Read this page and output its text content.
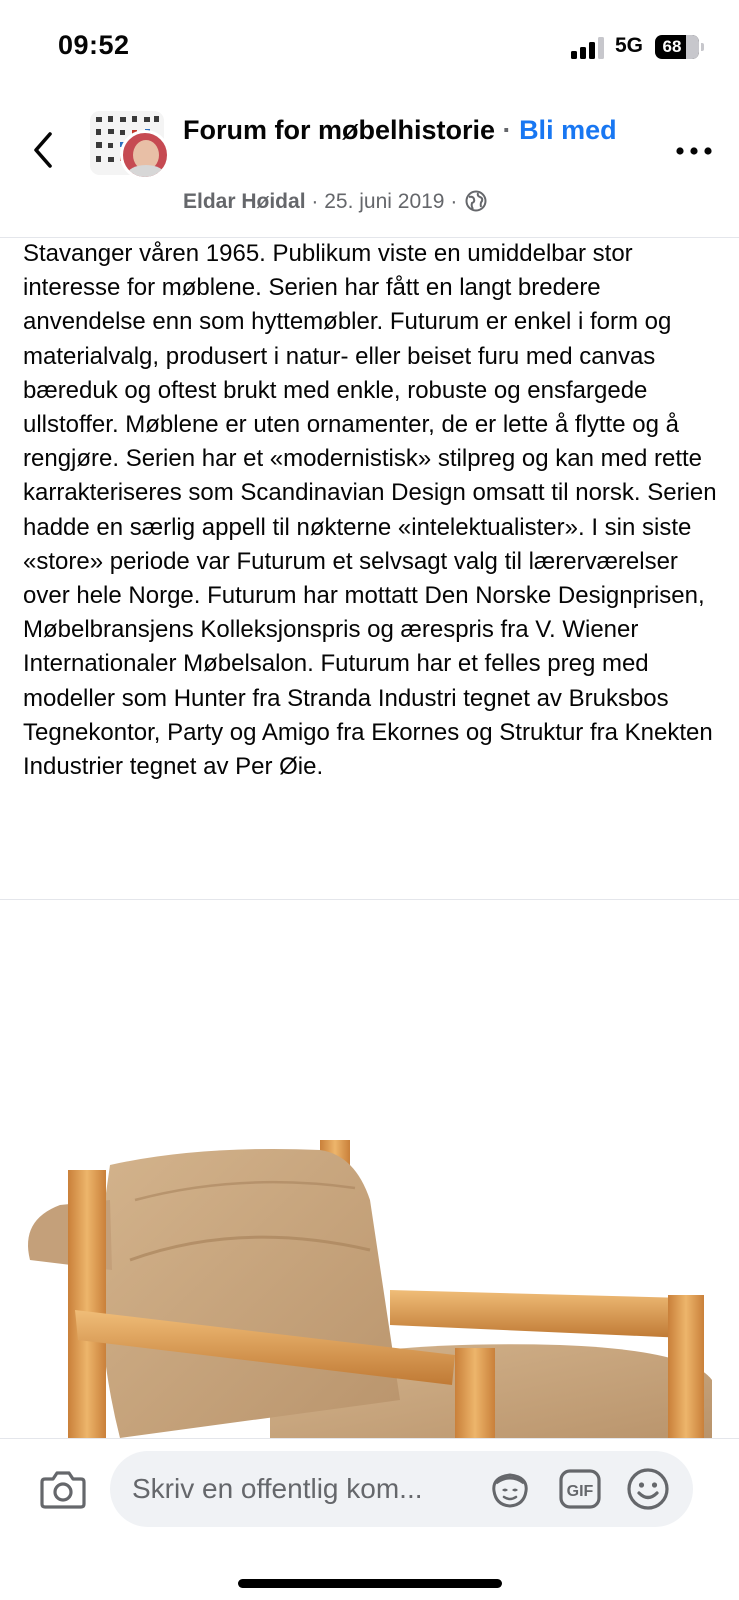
09:52	5G	68
Forum for møbelhistorie · Bli med
Eldar Høidal · 25. juni 2019 ·
Stavanger våren 1965. Publikum viste en umiddelbar stor interesse for møblene. Serien har fått en langt bredere anvendelse enn som hyttemøbler. Futurum er enkel i form og materialvalg, produsert i natur- eller beiset furu med canvas bæreduk og oftest brukt med enkle, robuste og ensfargede ullstoffer. Møblene er uten ornamenter, de er lette å flytte og å rengjøre. Serien har et «modernistisk» stilpreg og kan med rette karrakteriseres som Scandinavian Design omsatt til norsk. Serien hadde en særlig appell til nøkterne «intelektualister». I sin siste «store» periode var Futurum et selvsagt valg til lærerværelser over hele Norge. Futurum har mottatt Den Norske Designprisen, Møbelbransjens Kolleksjonspris og ærespris fra V. Wiener Internationaler Møbelsalon. Futurum har et felles preg med modeller som Hunter fra Stranda Industri tegnet av Bruksbos Tegnekontor, Party og Amigo fra Ekornes og Struktur fra Knekten Industrier tegnet av Per Øie.
Skriv en offentlig kom...	GIF
